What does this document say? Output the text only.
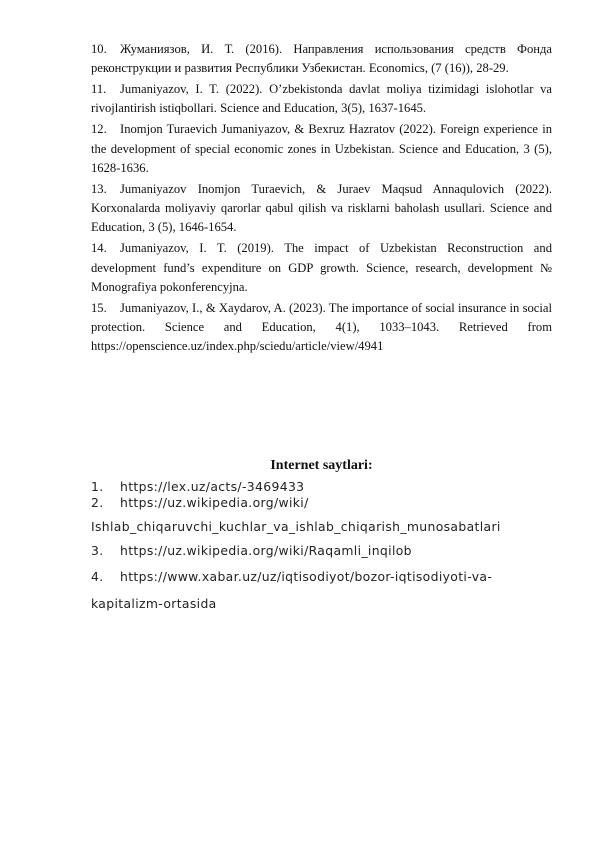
10. Жуманиязов, И. Т. (2016). Направления использования средств Фонда реконструкции и развития Республики Узбекистан. Economics, (7 (16)), 28-29.

11. Jumaniyazov, I. T. (2022). O’zbekistonda davlat moliya tizimidagi islohotlar va rivojlantirish istiqbollari. Science and Education, 3(5), 1637-1645.

12. Inomjon Turaevich Jumaniyazov, & Bexruz Hazratov (2022). Foreign experience in the development of special economic zones in Uzbekistan. Science and Education, 3 (5), 1628-1636.

13. Jumaniyazov Inomjon Turaevich, & Juraev Maqsud Annaqulovich (2022). Korxonalarda moliyaviy qarorlar qabul qilish va risklarni baholash usullari. Science and Education, 3 (5), 1646-1654.

14. Jumaniyazov, I. T. (2019). The impact of Uzbekistan Reconstruction and development fund’s expenditure on GDP growth. Science, research, development № Monografiya pokonferencyjna.

15. Jumaniyazov, I., & Xaydarov, A. (2023). The importance of social insurance in social protection. Science and Education, 4(1), 1033–1043. Retrieved from https://openscience.uz/index.php/sciedu/article/view/4941

Internet saytlari:
1. https://lex.uz/acts/-3469433
2. https://uz.wikipedia.org/wiki/
Ishlab_chiqaruvchi_kuchlar_va_ishlab_chiqarish_munosabatlari
3. https://uz.wikipedia.org/wiki/Raqamli_inqilob
4. https://www.xabar.uz/uz/iqtisodiyot/bozor-iqtisodiyoti-va-
kapitalizm-ortasida
